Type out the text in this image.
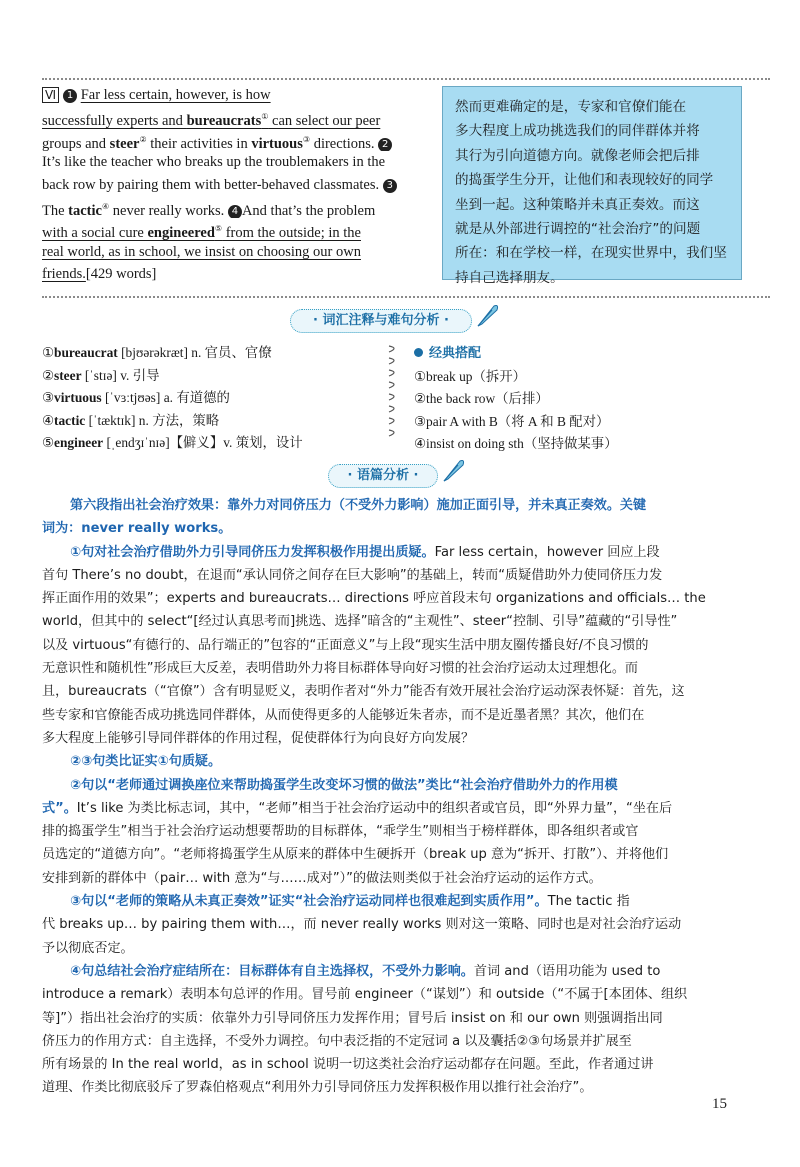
Ⅵ 1 Far less certain, however, is how
successfully experts and bureaucrats① can select our peer
groups and steer② their activities in virtuous③ directions. 2
It’s like the teacher who breaks up the troublemakers in the
back row by pairing them with better-behaved classmates. 3
The tactic④ never really works. 4 And that’s the problem
with a social cure engineered⑤ from the outside; in the
real world, as in school, we insist on choosing our own
friends.[429 words]
然而更难确定的是，专家和官僚们能在
多大程度上成功挑选我们的同伴群体并将
其行为引向道德方向。就像老师会把后排
的捣蛋学生分开，让他们和表现较好的同学
坐到一起。这种策略并未真正奏效。而这
就是从外部进行调控的“社会治疗”的问题
所在：和在学校一样，在现实世界中，我们坚
持自己选择朋友。
· 词汇注释与难句分析 ·
①bureaucrat [bjʊərəkræt] n. 官员、官僚
②steer [ˈstɪə] v. 引导
③virtuous [ˈvɜːtjʊəs] a. 有道德的
④tactic [ˈtæktɪk] n. 方法，策略
⑤engineer [ˌendʒɪˈnɪə]【僻义】v. 策划，设计
经典搭配
①break up（拆开）
②the back row（后排）
③pair A with B（将 A 和 B 配对）
④insist on doing sth（坚持做某事）
· 语篇分析 ·
第六段指出社会治疗效果：靠外力对同侪压力（不受外力影响）施加正面引导，并未真正奏效。关键
词为：never really works。
①句对社会治疗借助外力引导同侪压力发挥积极作用提出质疑。Far less certain，however 回应上段
首句 There’s no doubt，在退而“承认同侪之间存在巨大影响”的基础上，转而“质疑借助外力使同侪压力发
挥正面作用的效果”；experts and bureaucrats… directions 呼应首段末句 organizations and officials… the
world，但其中的 select“[经过认真思考而]挑选、选择”暗含的“主观性”、steer“控制、引导”蕴藏的“引导性”
以及 virtuous“有德行的、品行端正的”包容的“正面意义”与上段“现实生活中朋友圈传播良好/不良习惯的
无意识性和随机性”形成巨大反差，表明借助外力将目标群体导向好习惯的社会治疗运动太过理想化。而
且，bureaucrats（“官僚”）含有明显贬义，表明作者对“外力”能否有效开展社会治疗运动深表怀疑：首先，这
些专家和官僚能否成功挑选同伴群体，从而使得更多的人能够近朱者赤，而不是近墨者黑？其次，他们在
多大程度上能够引导同伴群体的作用过程，促使群体行为向良好方向发展？
②③句类比证实①句质疑。
②句以“老师通过调换座位来帮助捣蛋学生改变坏习惯的做法”类比“社会治疗借助外力的作用模
式”。It’s like 为类比标志词，其中，“老师”相当于社会治疗运动中的组织者或官员，即“外界力量”，“坐在后
排的捣蛋学生”相当于社会治疗运动想要帮助的目标群体，“乖学生”则相当于榜样群体，即各组织者或官
员选定的“道德方向”。“老师将捣蛋学生从原来的群体中生硬拆开（break up 意为“拆开、打散”）、并将他们
安排到新的群体中（pair… with 意为“与……成对”）”的做法则类似于社会治疗运动的运作方式。
③句以“老师的策略从未真正奏效”证实“社会治疗运动同样也很难起到实质作用”。The tactic 指
代 breaks up… by pairing them with…，而 never really works 则对这一策略、同时也是对社会治疗运动
予以彻底否定。
④句总结社会治疗症结所在：目标群体有自主选择权，不受外力影响。首词 and（语用功能为 used to
introduce a remark）表明本句总评的作用。冒号前 engineer（“谋划”）和 outside（“不属于[本团体、组织
等]”）指出社会治疗的实质：依靠外力引导同侪压力发挥作用；冒号后 insist on 和 our own 则强调指出同
侪压力的作用方式：自主选择，不受外力调控。句中表泛指的不定冠词 a 以及囊括②③句场景并扩展至
所有场景的 In the real world，as in school 说明一切这类社会治疗运动都存在问题。至此，作者通过讲
道理、作类比彻底驳斥了罗森伯格观点“利用外力引导同侪压力发挥积极作用以推行社会治疗”。
15
